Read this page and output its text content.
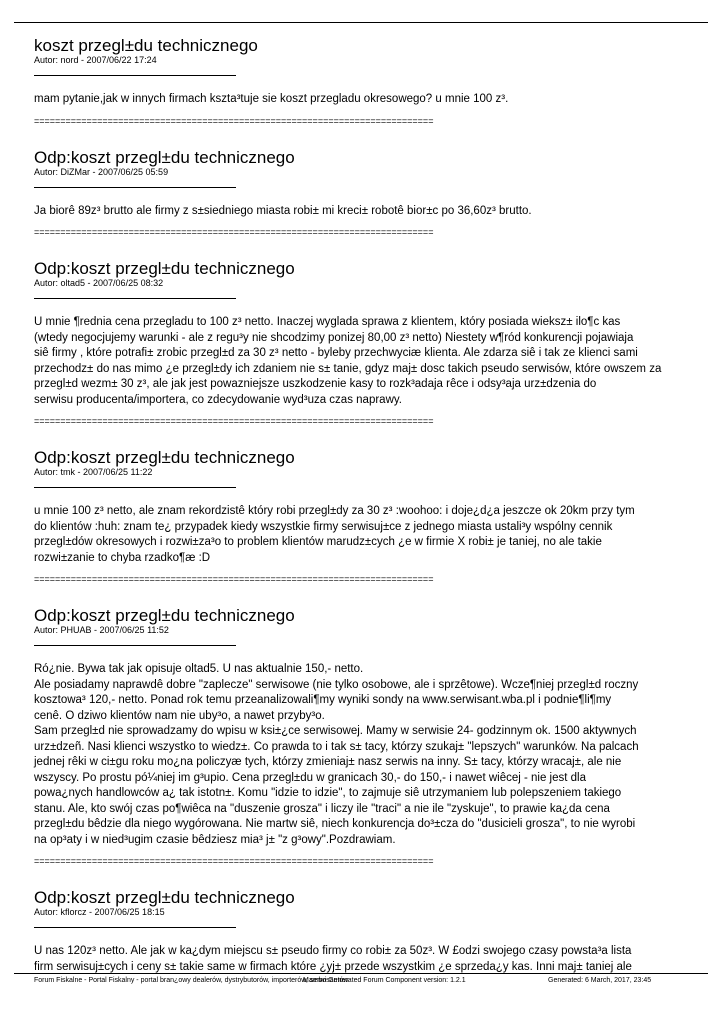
koszt przegl±du technicznego
Autor: nord - 2007/06/22 17:24
mam pytanie,jak w innych firmach kszta³tuje sie koszt przegladu okresowego? u mnie 100 z³.
============================================================================
Odp:koszt przegl±du technicznego
Autor: DiZMar - 2007/06/25 05:59
Ja biorê 89z³ brutto ale firmy z s±siedniego miasta robi± mi kreci± robotê bior±c po 36,60z³ brutto.
============================================================================
Odp:koszt przegl±du technicznego
Autor: oltad5 - 2007/06/25 08:32
U mnie ¶rednia cena przegladu to 100 z³ netto. Inaczej wyglada sprawa z klientem, który posiada wieksz± ilo¶c kas
(wtedy negocjujemy warunki - ale z regu³y nie shcodzimy ponizej 80,00 z³ netto) Niestety w¶ród konkurencji pojawiaja
siê firmy , które potrafi± zrobic przegl±d za 30 z³ netto - byleby przechwyciæ klienta. Ale zdarza siê i tak ze klienci sami
przechodz± do nas mimo ¿e przegl±dy ich zdaniem nie s± tanie, gdyz maj± dosc takich pseudo serwisów, które owszem za
przegl±d wezm± 30 z³, ale jak jest powazniejsze uszkodzenie kasy to rozk³adaja rêce i odsy³aja urz±dzenia do
serwisu producenta/importera, co zdecydowanie wyd³uza czas naprawy.
============================================================================
Odp:koszt przegl±du technicznego
Autor: tmk - 2007/06/25 11:22
u mnie 100 z³ netto, ale znam rekordzistê który robi przegl±dy za 30 z³ :woohoo: i doje¿d¿a jeszcze ok 20km przy tym
do klientów :huh: znam te¿ przypadek kiedy wszystkie firmy serwisuj±ce z jednego miasta ustali³y wspólny cennik
przegl±dów okresowych i rozwi±za³o to problem klientów marudz±cych ¿e w firmie X robi± je taniej, no ale takie
rozwi±zanie to chyba rzadko¶æ :D
============================================================================
Odp:koszt przegl±du technicznego
Autor: PHUAB - 2007/06/25 11:52
Ró¿nie. Bywa tak jak opisuje oltad5. U nas aktualnie 150,- netto.
Ale posiadamy naprawdê dobre "zaplecze" serwisowe (nie tylko osobowe, ale i sprzêtowe). Wcze¶niej przegl±d roczny
kosztowa³ 120,- netto. Ponad rok temu przeanalizowali¶my wyniki sondy na www.serwisant.wba.pl i podnie¶li¶my
cenê. O dziwo klientów nam nie uby³o, a nawet przyby³o.
Sam przegl±d nie sprowadzamy do wpisu w ksi±¿ce serwisowej. Mamy w serwisie 24- godzinnym ok. 1500 aktywnych
urz±dzeñ. Nasi klienci wszystko to wiedz±. Co prawda to i tak s± tacy, którzy szukaj± "lepszych" warunków. Na palcach
jednej rêki w ci±gu roku mo¿na policzyæ tych, którzy zmieniaj± nasz serwis na inny. S± tacy, którzy wracaj±, ale nie
wszyscy. Po prostu pó¼niej im g³upio. Cena przegl±du w granicach 30,- do 150,- i nawet wiêcej - nie jest dla
powa¿nych handlowców a¿ tak istotn±. Komu "idzie to idzie", to zajmuje siê utrzymaniem lub polepszeniem takiego
stanu. Ale, kto swój czas po¶wiêca na "duszenie grosza" i liczy ile "traci" a nie ile "zyskuje", to prawie ka¿da cena
przegl±du bêdzie dla niego wygórowana. Nie martw siê, niech konkurencja do³±cza do "dusicieli grosza", to nie wyrobi
na op³aty i w nied³ugim czasie bêdziesz mia³ j± "z g³owy".Pozdrawiam.
============================================================================
Odp:koszt przegl±du technicznego
Autor: kflorcz - 2007/06/25 18:15
U nas 120z³ netto. Ale jak w ka¿dym miejscu s± pseudo firmy co robi± za 50z³. W £odzi swojego czasy powsta³a lista
firm serwisuj±cych i ceny s± takie same w firmach które ¿yj± przede wszystkim ¿e sprzeda¿y kas. Inni maj± taniej ale
Forum Fiskalne - Portal Fiskalny - portal bran¿owy dealerów, dystrybutorów, importerów, serwisantów
Mambo Generated Forum Component version: 1.2.1	Generated: 6 March, 2017, 23:45
